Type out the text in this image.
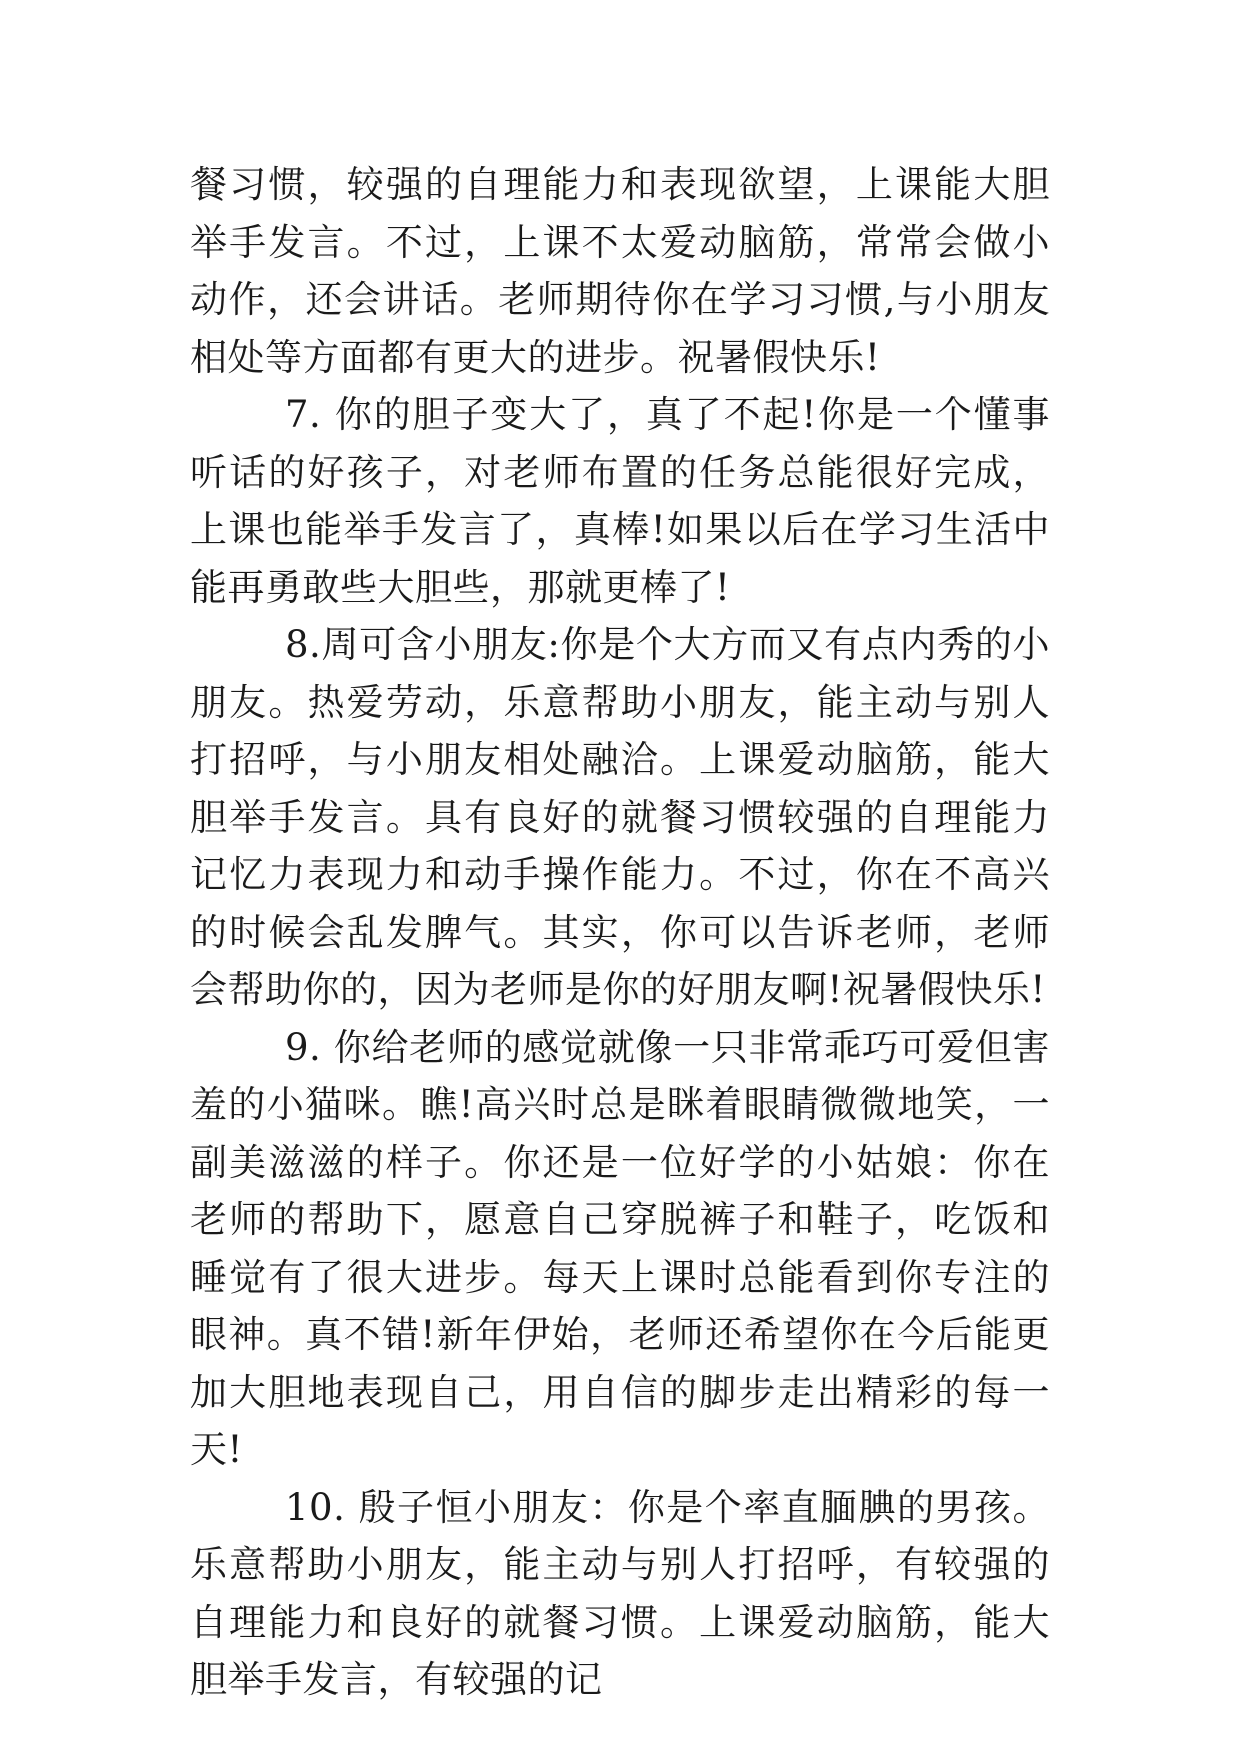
餐习惯，较强的自理能力和表现欲望，上课能大胆举手发言。不过，上课不太爱动脑筋，常常会做小动作，还会讲话。老师期待你在学习习惯,与小朋友相处等方面都有更大的进步。祝暑假快乐!

7. 你的胆子变大了，真了不起!你是一个懂事听话的好孩子，对老师布置的任务总能很好完成，上课也能举手发言了，真棒!如果以后在学习生活中能再勇敢些大胆些，那就更棒了!

8.周可含小朋友:你是个大方而又有点内秀的小朋友。热爱劳动，乐意帮助小朋友，能主动与别人打招呼，与小朋友相处融洽。上课爱动脑筋，能大胆举手发言。具有良好的就餐习惯较强的自理能力记忆力表现力和动手操作能力。不过，你在不高兴的时候会乱发脾气。其实，你可以告诉老师，老师会帮助你的，因为老师是你的好朋友啊!祝暑假快乐!

9. 你给老师的感觉就像一只非常乖巧可爱但害羞的小猫咪。瞧!高兴时总是眯着眼睛微微地笑，一副美滋滋的样子。你还是一位好学的小姑娘：你在老师的帮助下，愿意自己穿脱裤子和鞋子，吃饭和睡觉有了很大进步。每天上课时总能看到你专注的眼神。真不错!新年伊始，老师还希望你在今后能更加大胆地表现自己，用自信的脚步走出精彩的每一天!

10. 殷子恒小朋友：你是个率直腼腆的男孩。乐意帮助小朋友，能主动与别人打招呼，有较强的自理能力和良好的就餐习惯。上课爱动脑筋，能大胆举手发言，有较强的记
